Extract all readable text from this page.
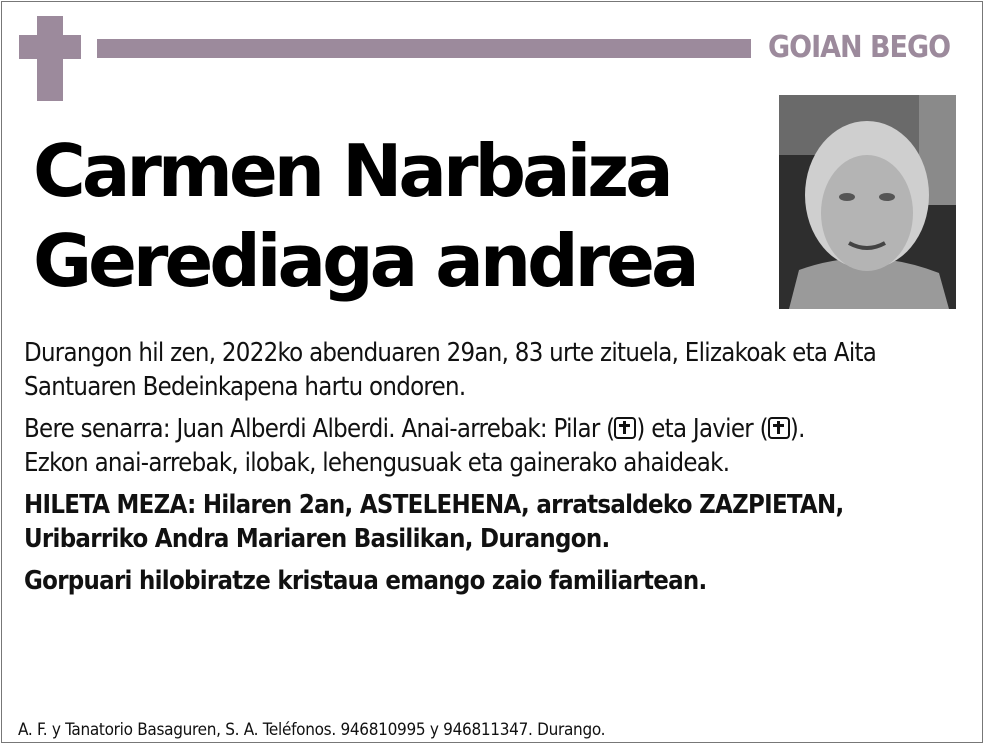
GOIAN BEGO
Carmen Narbaiza
Gerediaga andrea

Durangon hil zen, 2022ko abenduaren 29an, 83 urte zituela, Elizakoak eta Aita Santuaren Bedeinkapena hartu ondoren.

Bere senarra: Juan Alberdi Alberdi. Anai-arrebak: Pilar ( ) eta Javier ( ).
Ezkon anai-arrebak, ilobak, lehengusuak eta gainerako ahaideak.

HILETA MEZA: Hilaren 2an, ASTELEHENA, arratsaldeko ZAZPIETAN, Uribarriko Andra Mariaren Basilikan, Durangon.

Gorpuari hilobiratze kristaua emango zaio familiartean.

A. F. y Tanatorio Basaguren, S. A. Teléfonos. 946810995 y 946811347. Durango.
